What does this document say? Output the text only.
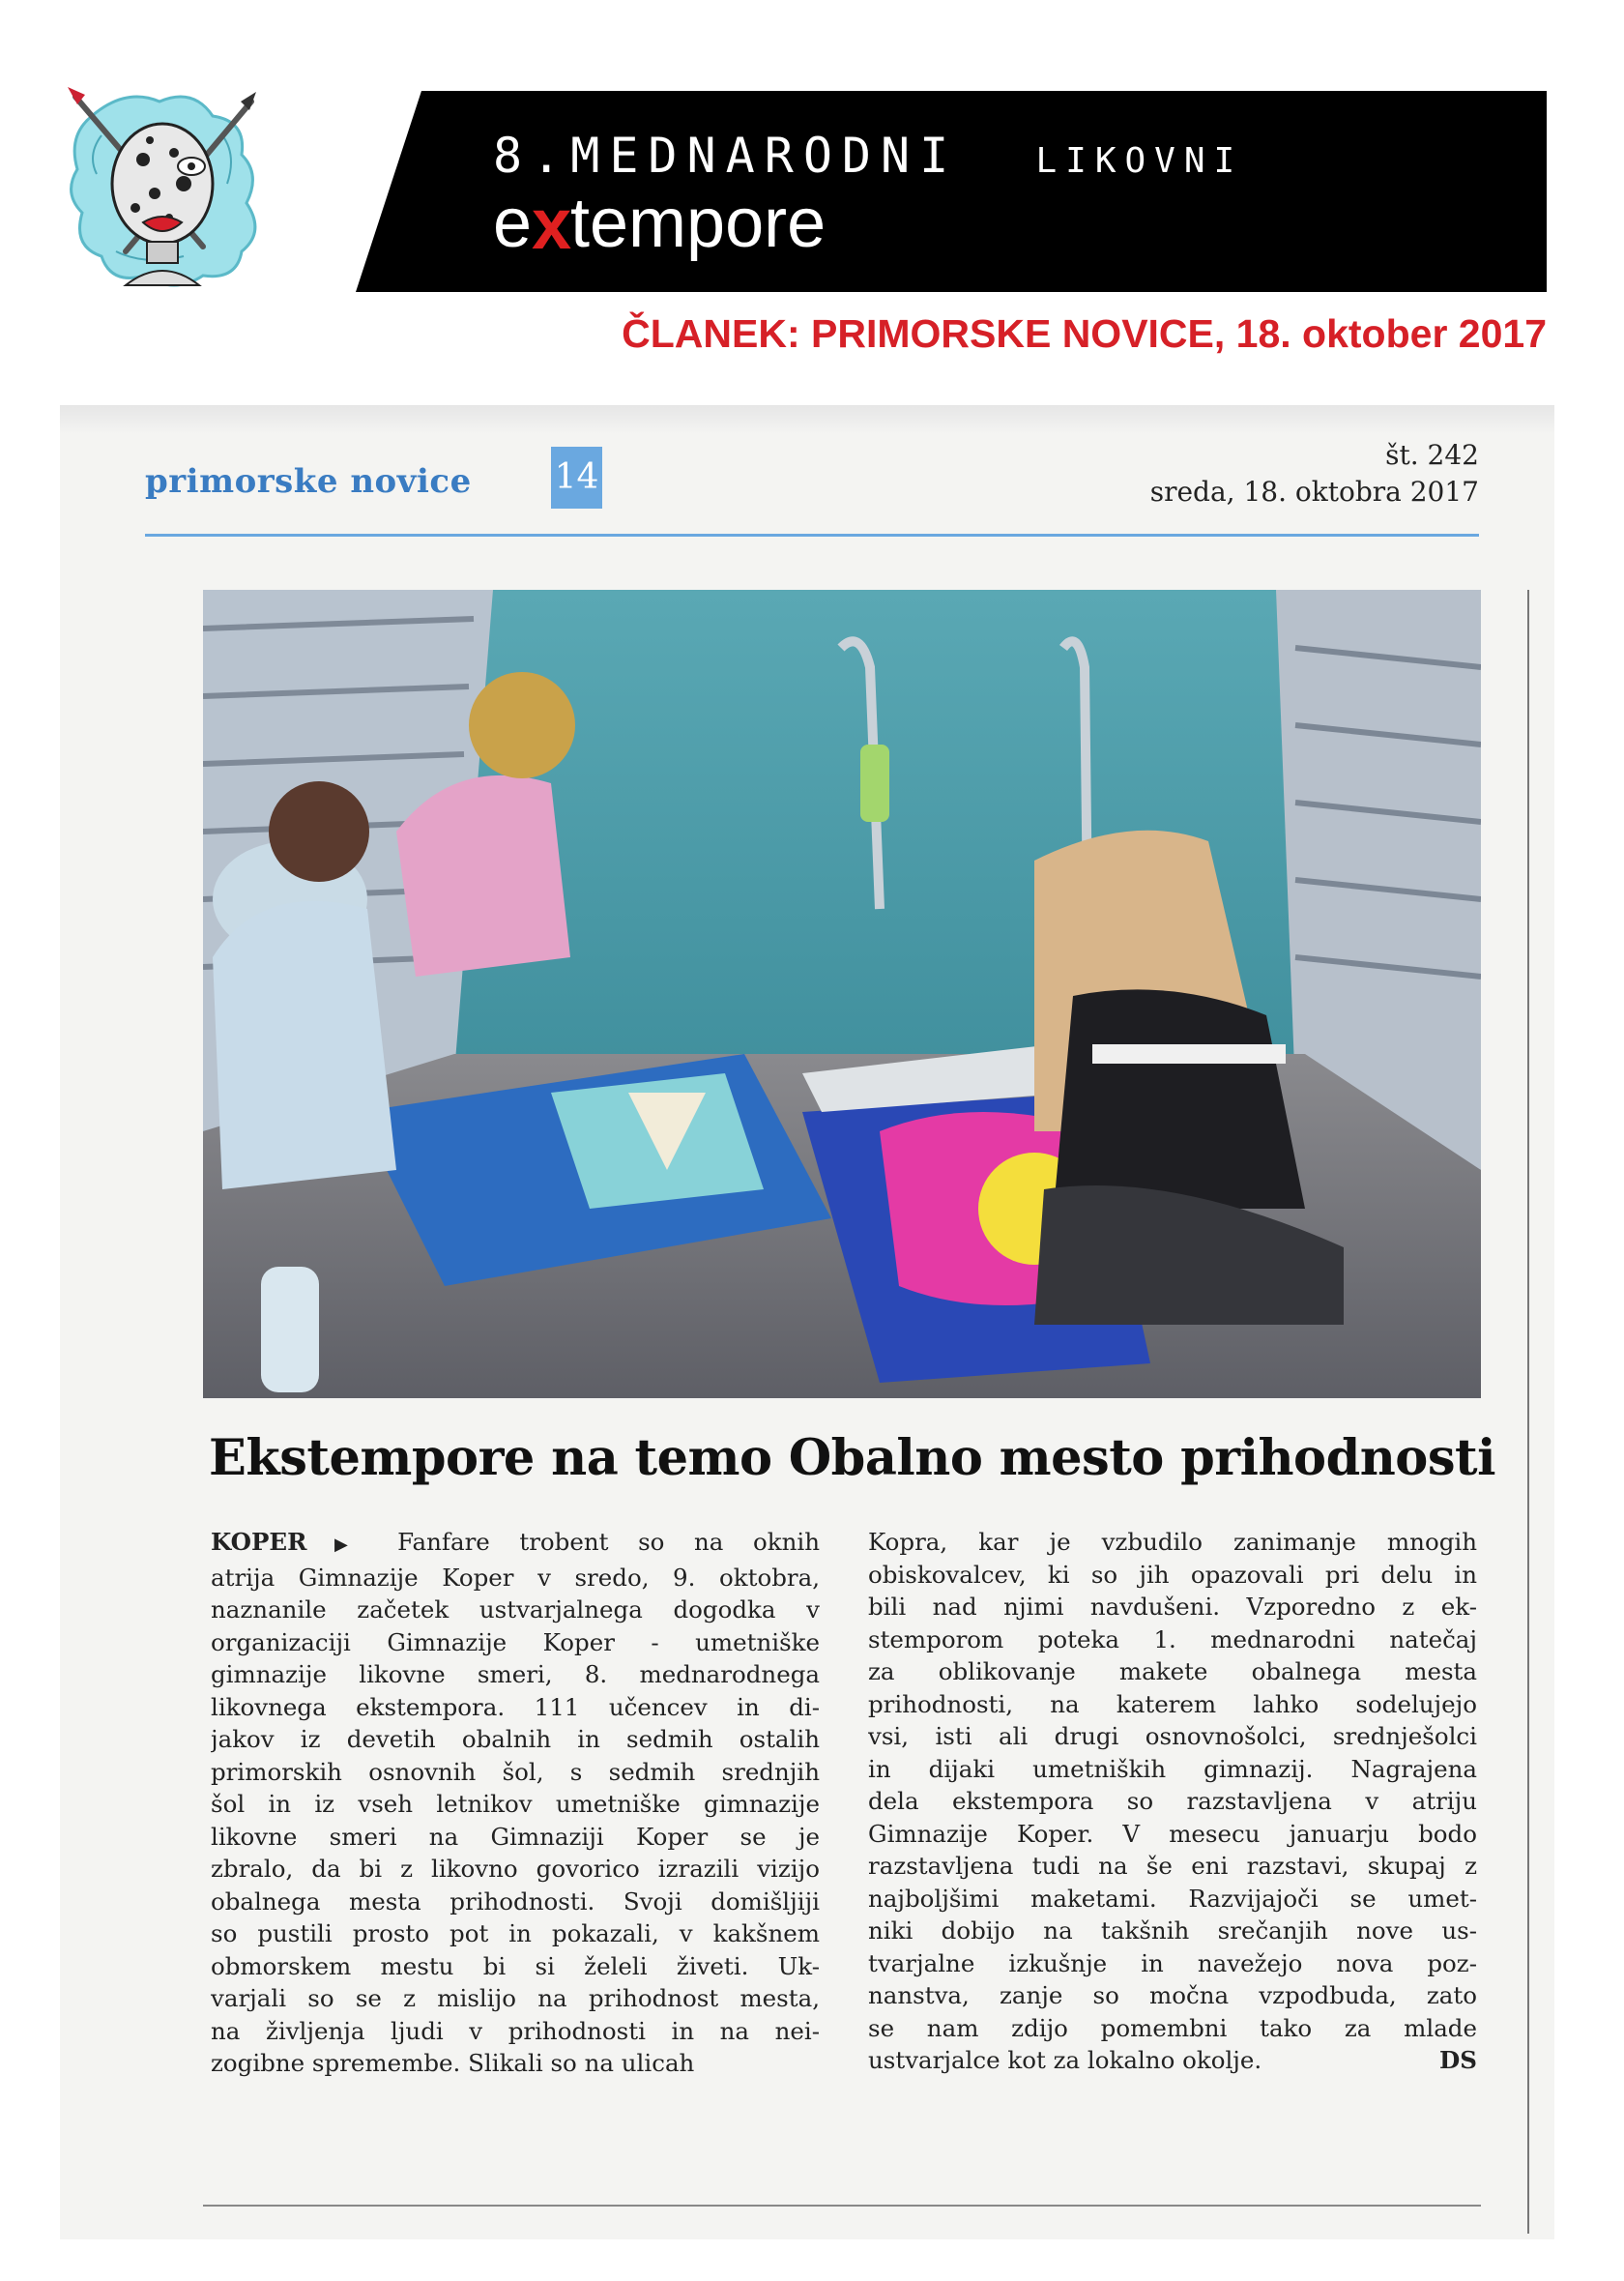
8.MEDNARODNI LIKOVNI
e x
tempore
ČLANEK: PRIMORSKE NOVICE, 18. oktober 2017
primorske novice 14
št. 242
sreda, 18. oktobra 2017
Ekstempore na temo Obalno mesto prihodnosti
KOPER ▶ Fanfare trobent so na oknih
atrija Gimnazije Koper v sredo, 9. oktobra,
naznanile začetek ustvarjalnega dogodka v
organizaciji Gimnazije Koper - umetniške
gimnazije likovne smeri, 8. mednarodnega
likovnega ekstempora. 111 učencev in di-
jakov iz devetih obalnih in sedmih ostalih
primorskih osnovnih šol, s sedmih srednjih
šol in iz vseh letnikov umetniške gimnazije
likovne smeri na Gimnaziji Koper se je
zbralo, da bi z likovno govorico izrazili vizijo
obalnega mesta prihodnosti. Svoji domišljiji
so pustili prosto pot in pokazali, v kakšnem
obmorskem mestu bi si želeli živeti. Uk-
varjali so se z mislijo na prihodnost mesta,
na življenja ljudi v prihodnosti in na nei-
zogibne spremembe. Slikali so na ulicah
Kopra, kar je vzbudilo zanimanje mnogih
obiskovalcev, ki so jih opazovali pri delu in
bili nad njimi navdušeni. Vzporedno z ek-
stemporom poteka 1. mednarodni natečaj
za oblikovanje makete obalnega mesta
prihodnosti, na katerem lahko sodelujejo
vsi, isti ali drugi osnovnošolci, srednješolci
in dijaki umetniških gimnazij. Nagrajena
dela ekstempora so razstavljena v atriju
Gimnazije Koper. V mesecu januarju bodo
razstavljena tudi na še eni razstavi, skupaj z
najboljšimi maketami. Razvijajoči se umet-
niki dobijo na takšnih srečanjih nove us-
tvarjalne izkušnje in navežejo nova poz-
nanstva, zanje so močna vzpodbuda, zato
se nam zdijo pomembni tako za mlade
ustvarjalce kot za lokalno okolje.	DS
